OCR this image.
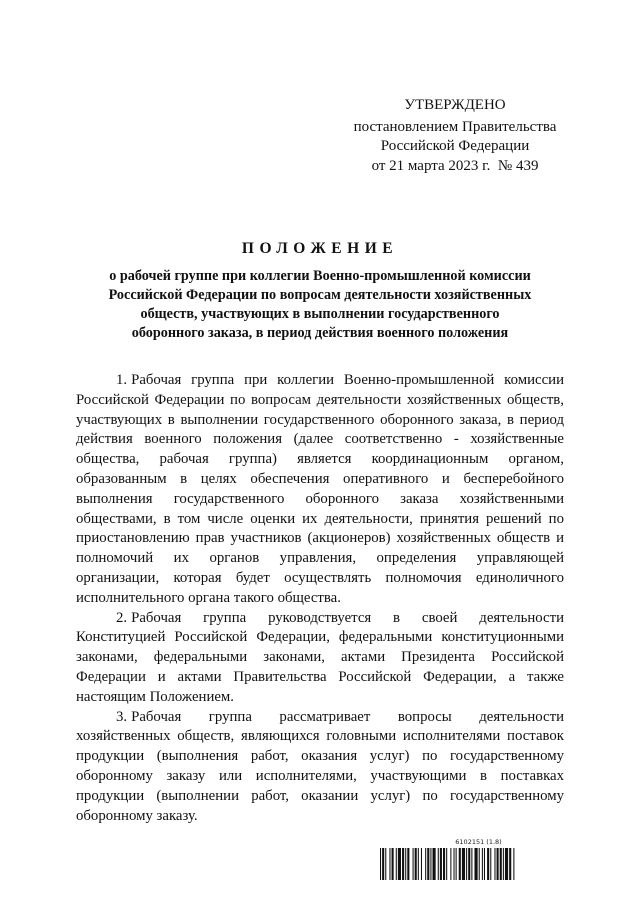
УТВЕРЖДЕНО
постановлением Правительства
Российской Федерации
от 21 марта 2023 г.  № 439
ПОЛОЖЕНИЕ
о рабочей группе при коллегии Военно-промышленной комиссии
Российской Федерации по вопросам деятельности хозяйственных
обществ, участвующих в выполнении государственного
оборонного заказа, в период действия военного положения

1. Рабочая группа при коллегии Военно-промышленной комиссии Российской Федерации по вопросам деятельности хозяйственных обществ, участвующих в выполнении государственного оборонного заказа, в период действия военного положения (далее соответственно - хозяйственные общества, рабочая группа) является координационным органом, образованным в целях обеспечения оперативного и бесперебойного выполнения государственного оборонного заказа хозяйственными обществами, в том числе оценки их деятельности, принятия решений по приостановлению прав участников (акционеров) хозяйственных обществ и полномочий их органов управления, определения управляющей организации, которая будет осуществлять полномочия единоличного исполнительного органа такого общества.

2. Рабочая группа руководствуется в своей деятельности Конституцией Российской Федерации, федеральными конституционными законами, федеральными законами, актами Президента Российской Федерации и актами Правительства Российской Федерации, а также настоящим Положением.

3. Рабочая группа рассматривает вопросы деятельности хозяйственных обществ, являющихся головными исполнителями поставок продукции (выполнения работ, оказания услуг) по государственному оборонному заказу или исполнителями, участвующими в поставках продукции (выполнении работ, оказании услуг) по государственному оборонному заказу.

6102151 (1.8)
